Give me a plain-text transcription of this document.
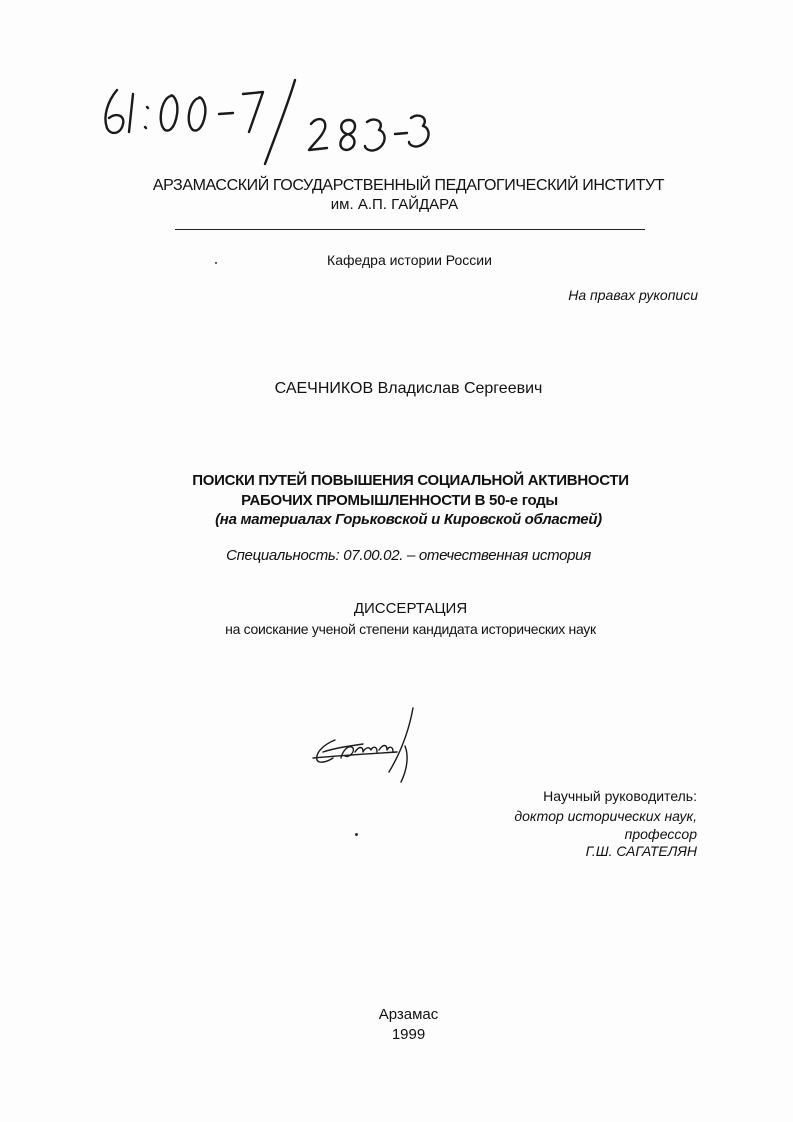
АРЗАМАССКИЙ ГОСУДАРСТВЕННЫЙ ПЕДАГОГИЧЕСКИЙ ИНСТИТУТ
им. А.П. ГАЙДАРА
Кафедра истории России
На правах рукописи
САЕЧНИКОВ Владислав Сергеевич
ПОИСКИ ПУТЕЙ ПОВЫШЕНИЯ СОЦИАЛЬНОЙ АКТИВНОСТИ
РАБОЧИХ ПРОМЫШЛЕННОСТИ В 50-е годы
(на материалах Горьковской и Кировской областей)
Специальность: 07.00.02. – отечественная история
ДИССЕРТАЦИЯ
на соискание ученой степени кандидата исторических наук
Научный руководитель:
доктор исторических наук,
профессор
Г.Ш. САГАТЕЛЯН
Арзамас
1999
